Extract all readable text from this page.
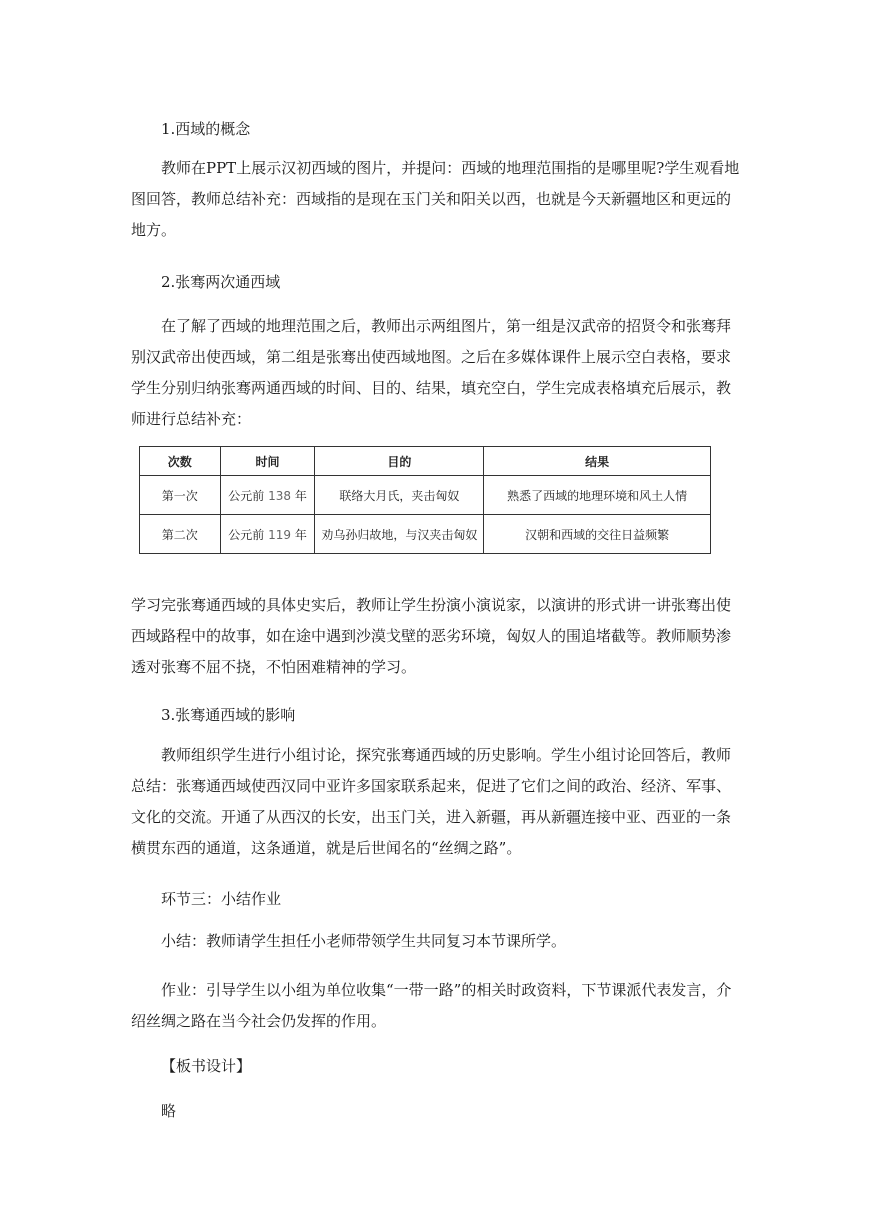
1.西域的概念

教师在PPT上展示汉初西域的图片，并提问：西域的地理范围指的是哪里呢?学生观看地图回答，教师总结补充：西域指的是现在玉门关和阳关以西，也就是今天新疆地区和更远的地方。

2.张骞两次通西域

在了解了西域的地理范围之后，教师出示两组图片，第一组是汉武帝的招贤令和张骞拜别汉武帝出使西域，第二组是张骞出使西域地图。之后在多媒体课件上展示空白表格，要求学生分别归纳张骞两通西域的时间、目的、结果，填充空白，学生完成表格填充后展示，教师进行总结补充：

次数	时间	目的	结果
第一次	公元前 138 年	联络大月氏，夹击匈奴	熟悉了西域的地理环境和风土人情
第二次	公元前 119 年	劝乌孙归故地，与汉夹击匈奴	汉朝和西域的交往日益频繁

学习完张骞通西域的具体史实后，教师让学生扮演小演说家，以演讲的形式讲一讲张骞出使西域路程中的故事，如在途中遇到沙漠戈壁的恶劣环境，匈奴人的围追堵截等。教师顺势渗透对张骞不屈不挠，不怕困难精神的学习。

3.张骞通西域的影响

教师组织学生进行小组讨论，探究张骞通西域的历史影响。学生小组讨论回答后，教师总结：张骞通西域使西汉同中亚许多国家联系起来，促进了它们之间的政治、经济、军事、文化的交流。开通了从西汉的长安，出玉门关，进入新疆，再从新疆连接中亚、西亚的一条横贯东西的通道，这条通道，就是后世闻名的“丝绸之路”。

环节三：小结作业

小结：教师请学生担任小老师带领学生共同复习本节课所学。

作业：引导学生以小组为单位收集“一带一路”的相关时政资料，下节课派代表发言，介绍丝绸之路在当今社会仍发挥的作用。

【板书设计】

略
